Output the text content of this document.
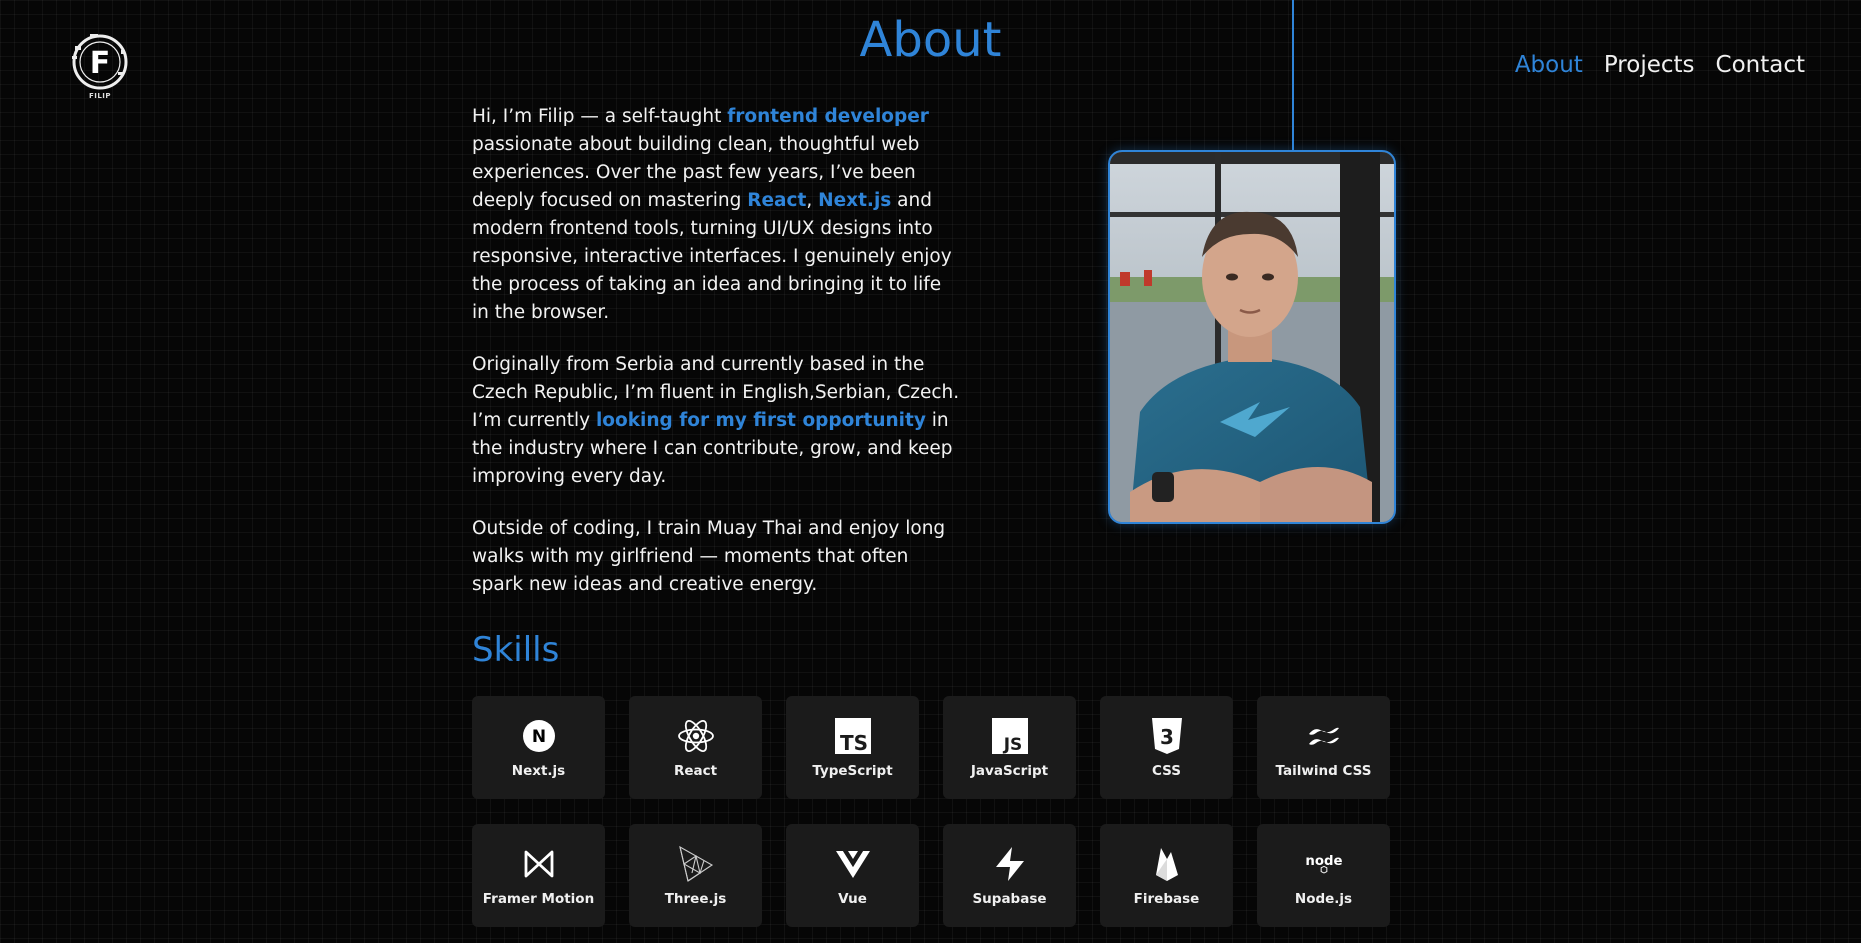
F
FILIP
About Projects Contact
About

Hi, I’m Filip — a self-taught frontend developer passionate about building clean, thoughtful web experiences. Over the past few years, I’ve been deeply focused on mastering React, Next.js and modern frontend tools, turning UI/UX designs into responsive, interactive interfaces. I genuinely enjoy the process of taking an idea and bringing it to life in the browser.

Originally from Serbia and currently based in the Czech Republic, I’m fluent in English,Serbian, Czech. I’m currently looking for my first opportunity in the industry where I can contribute, grow, and keep improving every day.

Outside of coding, I train Muay Thai and enjoy long walks with my girlfriend — moments that often spark new ideas and creative energy.

Skills
N
Next.js	React
TS
TypeScript
JS
JavaScript
3
CSS	Tailwind CSS
Framer Motion	Three.js	Vue	Supabase	Firebase
node
Node.js
